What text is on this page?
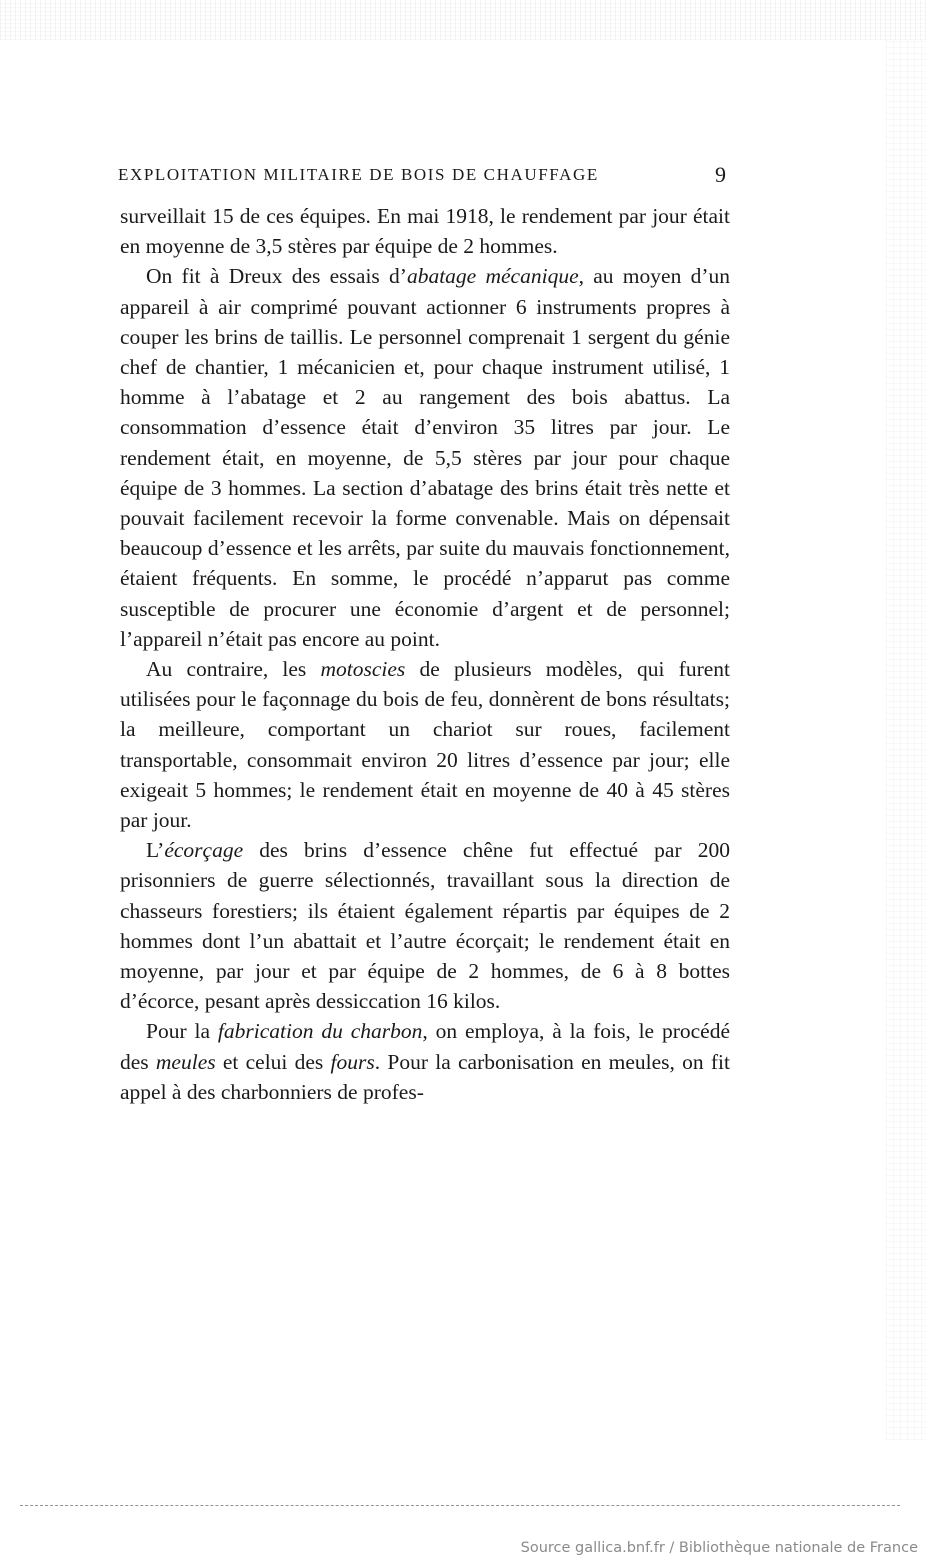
EXPLOITATION MILITAIRE DE BOIS DE CHAUFFAGE	9

surveillait 15 de ces équipes. En mai 1918, le rendement par jour était en moyenne de 3,5 stères par équipe de 2 hommes.

On fit à Dreux des essais d’abatage mécanique, au moyen d’un appareil à air comprimé pouvant actionner 6 instruments propres à couper les brins de taillis. Le personnel comprenait 1 sergent du génie chef de chantier, 1 mécanicien et, pour chaque instrument utilisé, 1 homme à l’abatage et 2 au rangement des bois abattus. La consommation d’essence était d’environ 35 litres par jour. Le rendement était, en moyenne, de 5,5 stères par jour pour chaque équipe de 3 hommes. La section d’abatage des brins était très nette et pouvait facilement recevoir la forme convenable. Mais on dépensait beaucoup d’essence et les arrêts, par suite du mauvais fonctionnement, étaient fréquents. En somme, le procédé n’apparut pas comme susceptible de procurer une économie d’argent et de personnel; l’appareil n’était pas encore au point.

Au contraire, les motoscies de plusieurs modèles, qui furent utilisées pour le façonnage du bois de feu, donnèrent de bons résultats; la meilleure, comportant un chariot sur roues, facilement transportable, consommait environ 20 litres d’essence par jour; elle exigeait 5 hommes; le rendement était en moyenne de 40 à 45 stères par jour.

L’écorçage des brins d’essence chêne fut effectué par 200 prisonniers de guerre sélectionnés, travaillant sous la direction de chasseurs forestiers; ils étaient également répartis par équipes de 2 hommes dont l’un abattait et l’autre écorçait; le rendement était en moyenne, par jour et par équipe de 2 hommes, de 6 à 8 bottes d’écorce, pesant après dessiccation 16 kilos.

Pour la fabrication du charbon, on employa, à la fois, le procédé des meules et celui des fours. Pour la carbonisation en meules, on fit appel à des charbonniers de profes-

Source gallica.bnf.fr / Bibliothèque nationale de France
